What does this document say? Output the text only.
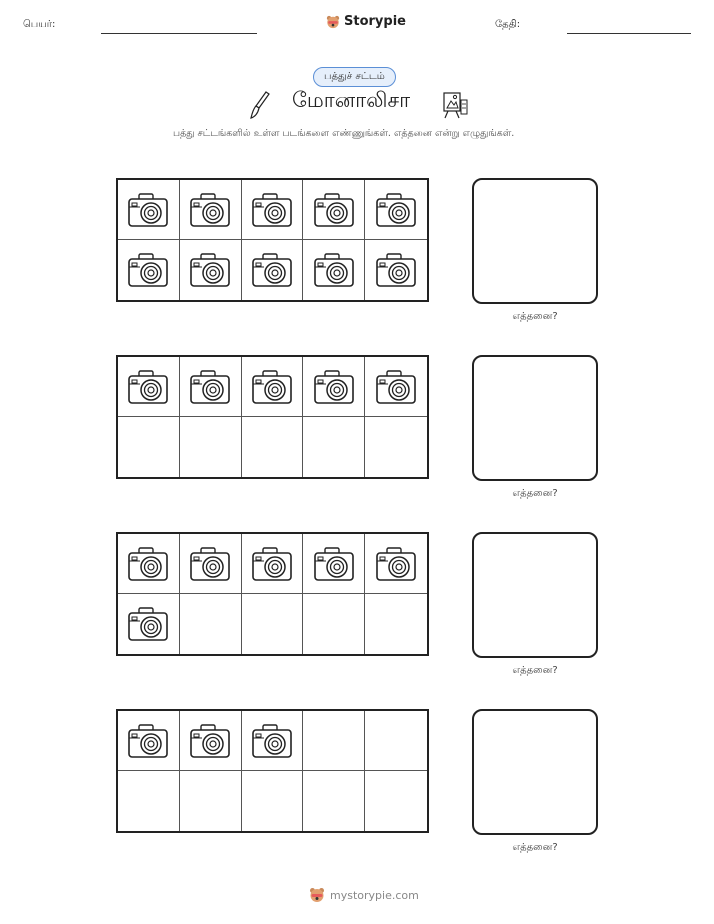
பெயர்:	Storypie	தேதி:
பத்துச் சட்டம்
மோனாலிசா
பத்து சட்டங்களில் உள்ள படங்களை எண்ணுங்கள். எத்தனை என்று எழுதுங்கள்.
எத்தனை?
எத்தனை?
எத்தனை?
எத்தனை?
mystorypie.com
